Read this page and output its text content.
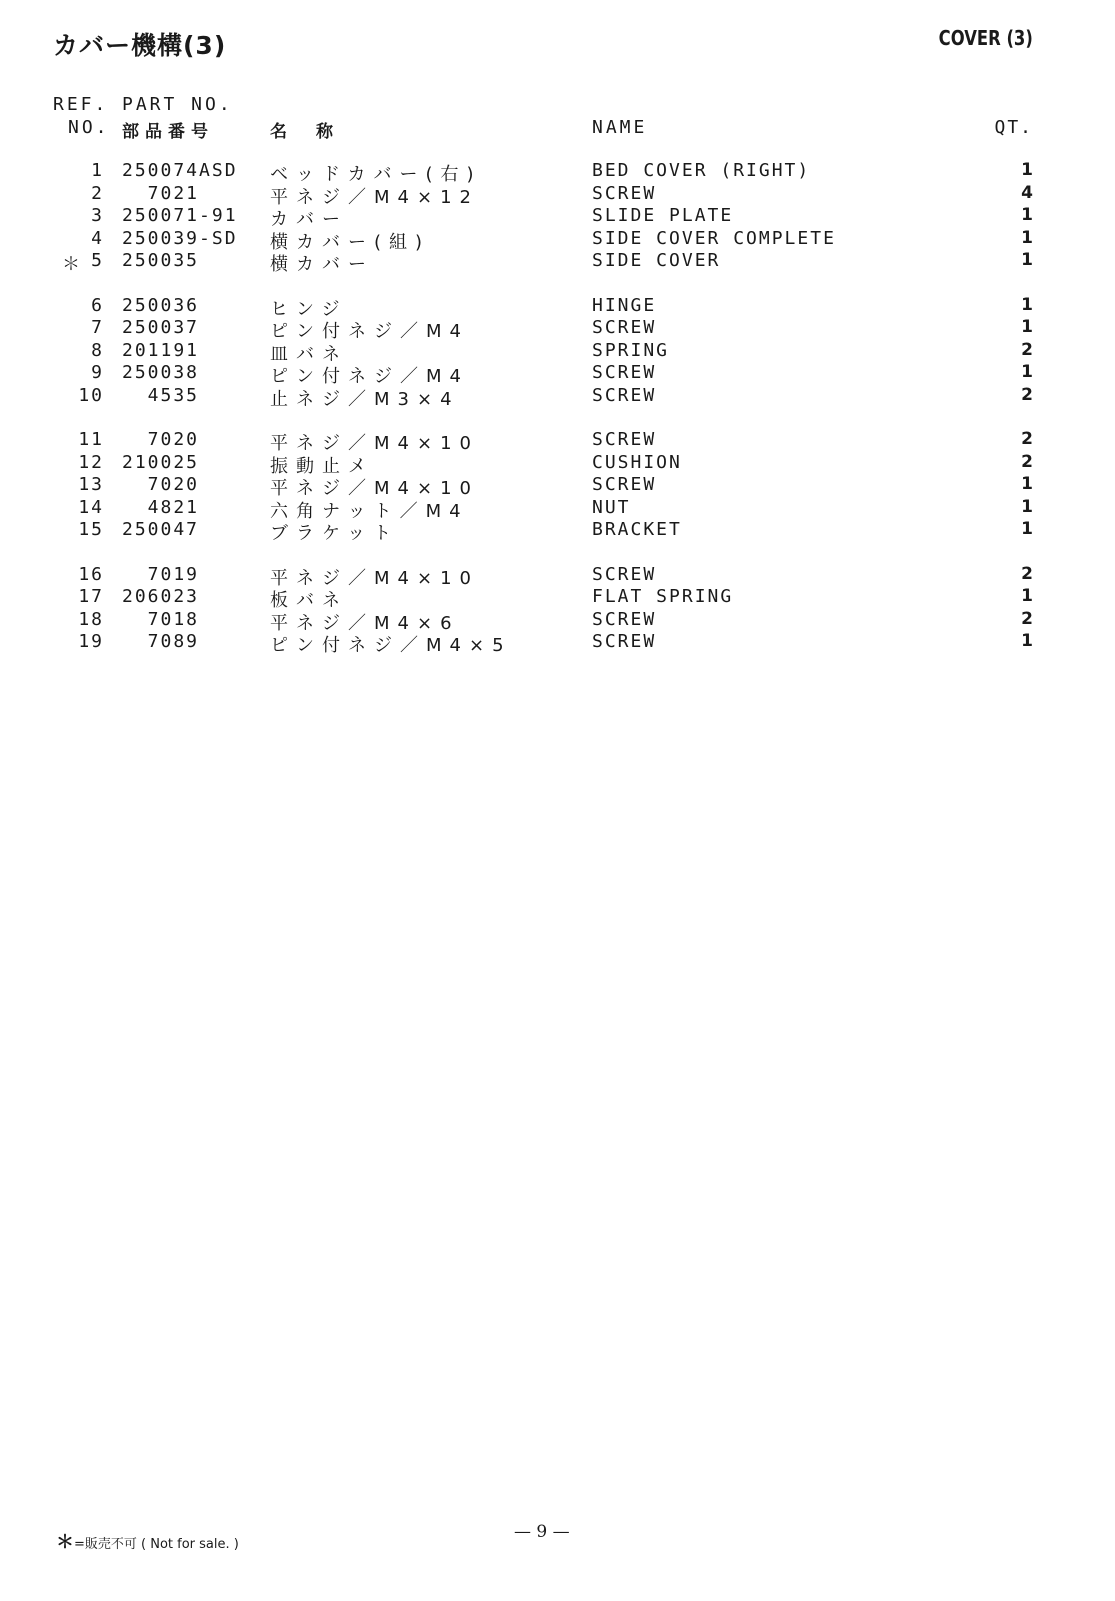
カバー機構(3)	COVER (3)
REF.
NO.
PART NO.
部品番号	名　称	NAME	QT.
1 250074ASD ベッドカバー(右)	BED COVER (RIGHT)	1
2 7021	平ネジ／M4×12	SCREW	4
3 250071-91 カバー	SLIDE PLATE	1
4 250039-SD 横カバー(組)	SIDE COVER COMPLETE	1
＊ 5 250035	横カバー	SIDE COVER	1
6 250036	ヒンジ	HINGE	1
7 250037	ピン付ネジ／M4	SCREW	1
8 201191	皿バネ	SPRING	2
9 250038	ピン付ネジ／M4	SCREW	1
10 4535	止ネジ／M3×4	SCREW	2
11 7020	平ネジ／M4×10	SCREW	2
12 210025	振動止メ	CUSHION	2
13 7020	平ネジ／M4×10	SCREW	1
14 4821	六角ナット／M4	NUT	1
15 250047	ブラケット	BRACKET	1
16 7019	平ネジ／M4×10	SCREW	2
17 206023	板バネ	FLAT SPRING	1
18 7018	平ネジ／M4×6	SCREW	2
19 7089	ピン付ネジ／M4×5	SCREW	1
＊=販売不可 ( Not for sale. )
— 9 —
